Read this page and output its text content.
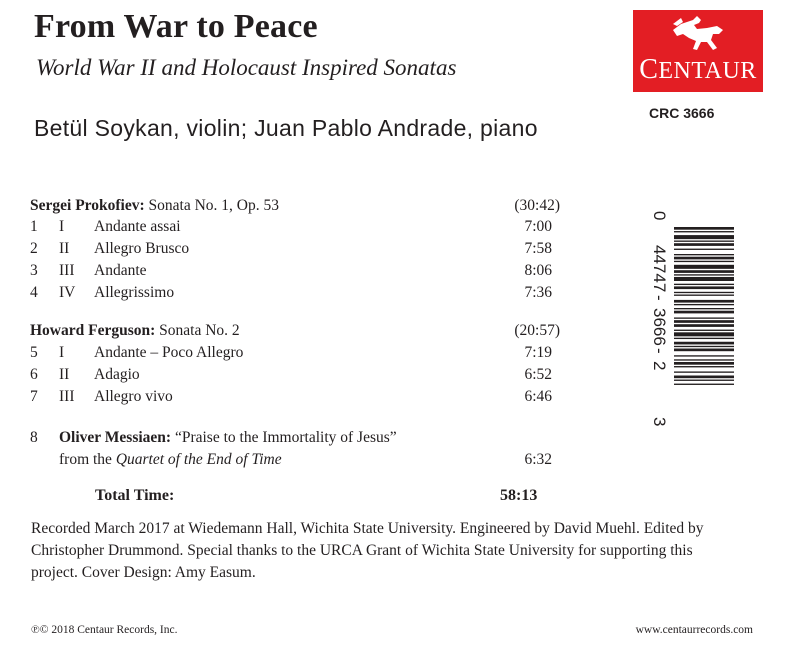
From War to Peace
World War II and Holocaust Inspired Sonatas
Betül Soykan, violin; Juan Pablo Andrade, piano
CENTAUR
CRC 3666
Sergei Prokofiev: Sonata No. 1, Op. 53	(30:42)
1 I Andante assai	7:00
2 II Allegro Brusco	7:58
3 III Andante	8:06
4 IV Allegrissimo	7:36
Howard Ferguson: Sonata No. 2	(20:57)
5 I Andante – Poco Allegro	7:19
6 II Adagio	6:52
7 III Allegro vivo	6:46
8 Oliver Messiaen: “Praise to the Immortality of Jesus”
from the Quartet of the End of Time	6:32
Total Time:	58:13
Recorded March 2017 at Wiedemann Hall, Wichita State University. Engineered by David Muehl. Edited by Christopher Drummond. Special thanks to the URCA Grant of Wichita State University for supporting this project. Cover Design: Amy Easum.
℗© 2018 Centaur Records, Inc.	www.centaurrecords.com
0
44747
-
3666
-
2
3
